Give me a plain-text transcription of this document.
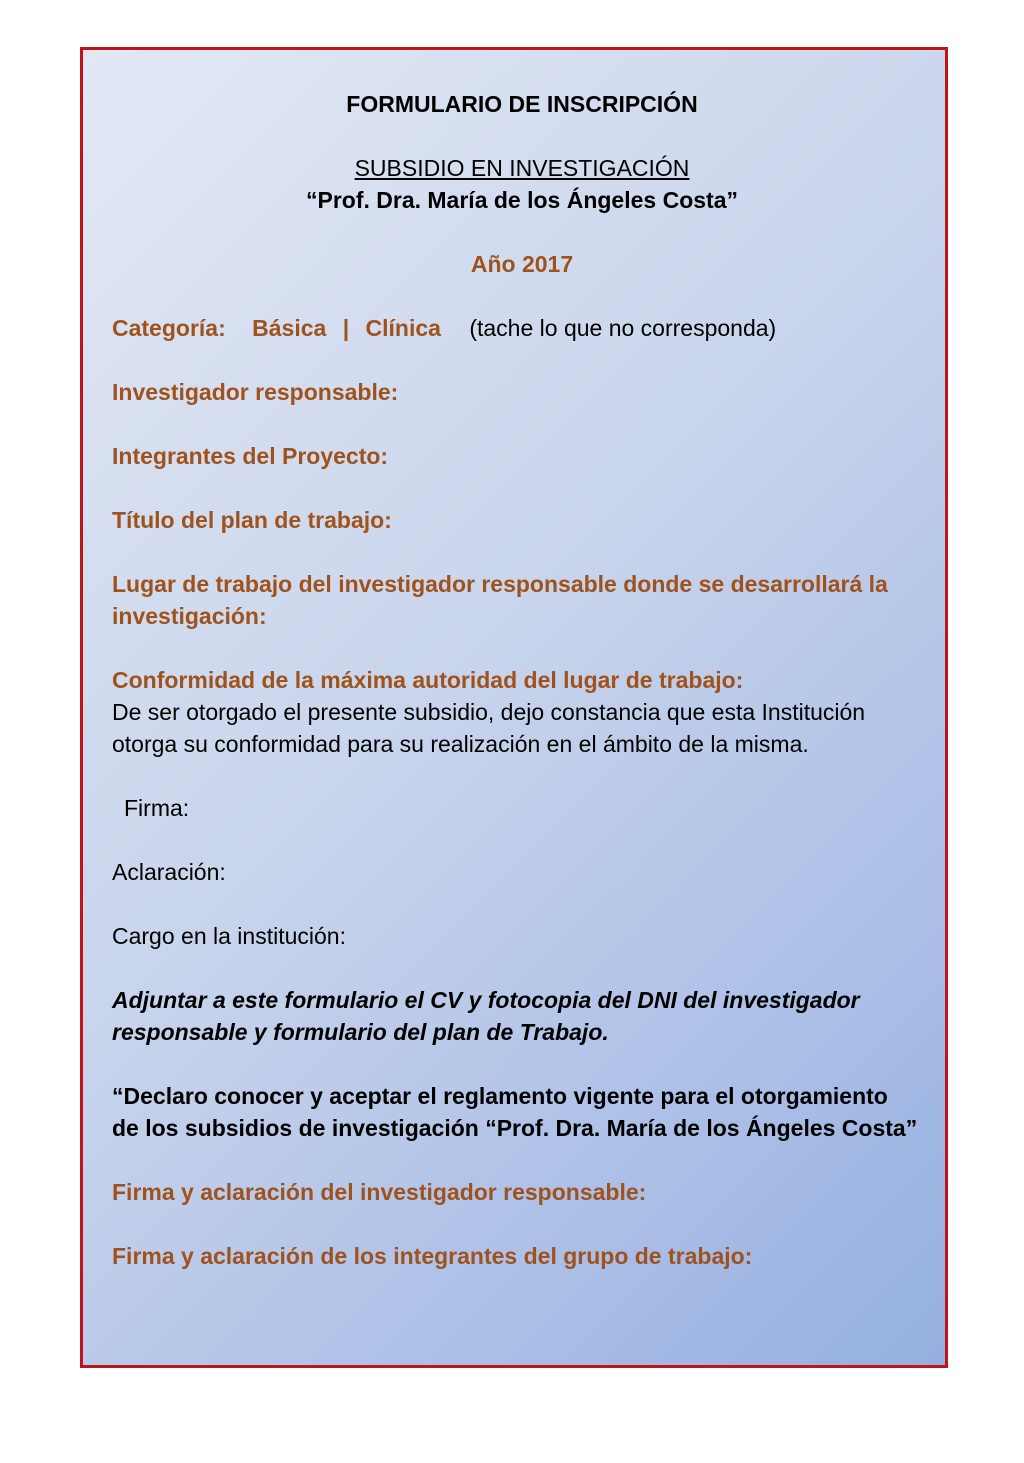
FORMULARIO DE INSCRIPCIÓN
SUBSIDIO EN INVESTIGACIÓN
“Prof. Dra. María de los Ángeles Costa”
Año 2017
Categoría: Básica | Clínica (tache lo que no corresponda)
Investigador responsable:
Integrantes del Proyecto:
Título del plan de trabajo:
Lugar de trabajo del investigador responsable donde se desarrollará la
investigación:
Conformidad de la máxima autoridad del lugar de trabajo:
De ser otorgado el presente subsidio, dejo constancia que esta Institución
otorga su conformidad para su realización en el ámbito de la misma.
Firma:
Aclaración:
Cargo en la institución:
Adjuntar a este formulario el CV y fotocopia del DNI del investigador
responsable y formulario del plan de Trabajo.
“Declaro conocer y aceptar el reglamento vigente para el otorgamiento
de los subsidios de investigación “Prof. Dra. María de los Ángeles Costa”
Firma y aclaración del investigador responsable:
Firma y aclaración de los integrantes del grupo de trabajo:
